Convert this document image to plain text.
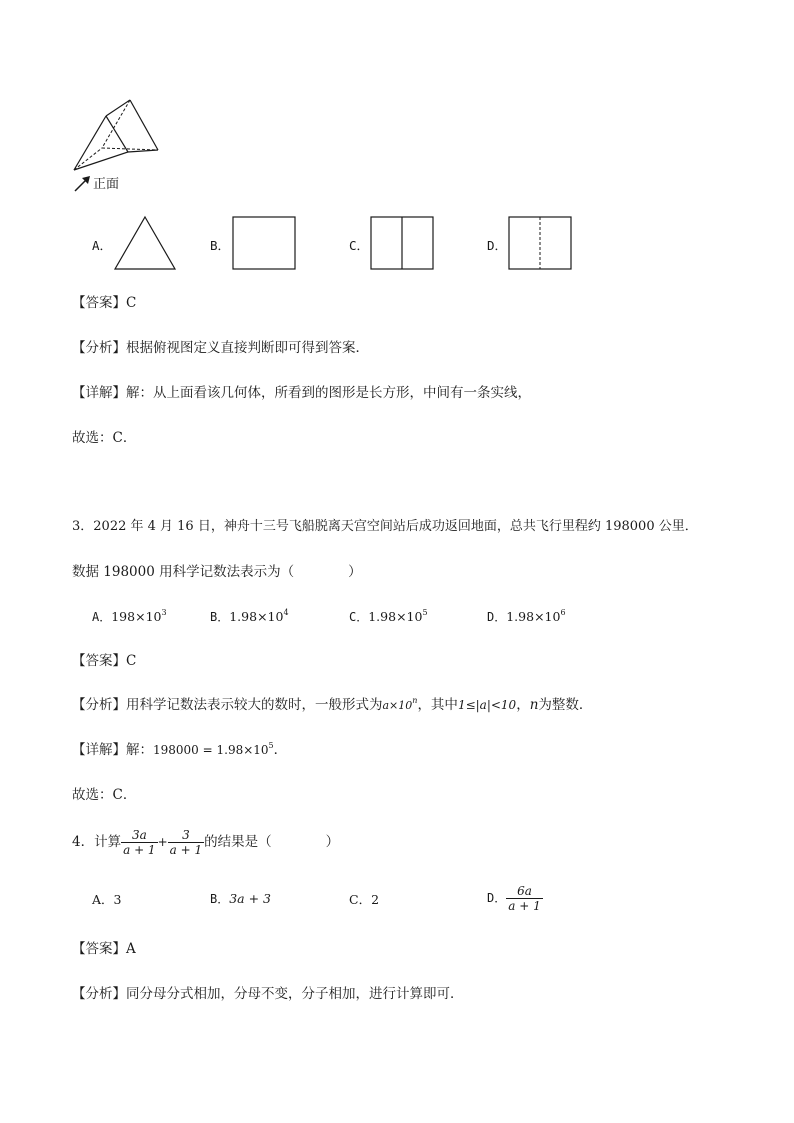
正面
A．	B．	C．	D．
【答案】C
【分析】根据俯视图定义直接判断即可得到答案．
【详解】解：从上面看该几何体，所看到的图形是长方形，中间有一条实线，
故选：C．
3．2022 年 4 月 16 日，神舟十三号飞船脱离天宫空间站后成功返回地面，总共飞行里程约 198000 公里．
数据 198000 用科学记数法表示为（　　　　）
A．$198\times 10^3$	B．$1.98\times 10^4$	C．$1.98\times 10^5$	D．$1.98\times 10^6$
【答案】C
【分析】用科学记数法表示较大的数时，一般形式为$a\times 10^n$，其中1≤|a|<10，n为整数．
【详解】解：$198000 = 1.98\times 10^5$．
故选：C．
4．计算 $\frac{3a}{a + 1} + \frac{3}{a + 1}$ 的结果是（　　　　）
A．3	B．3a + 3	C．2	D． $\frac{6a}{a + 1}$
【答案】A
【分析】同分母分式相加，分母不变，分子相加，进行计算即可．
